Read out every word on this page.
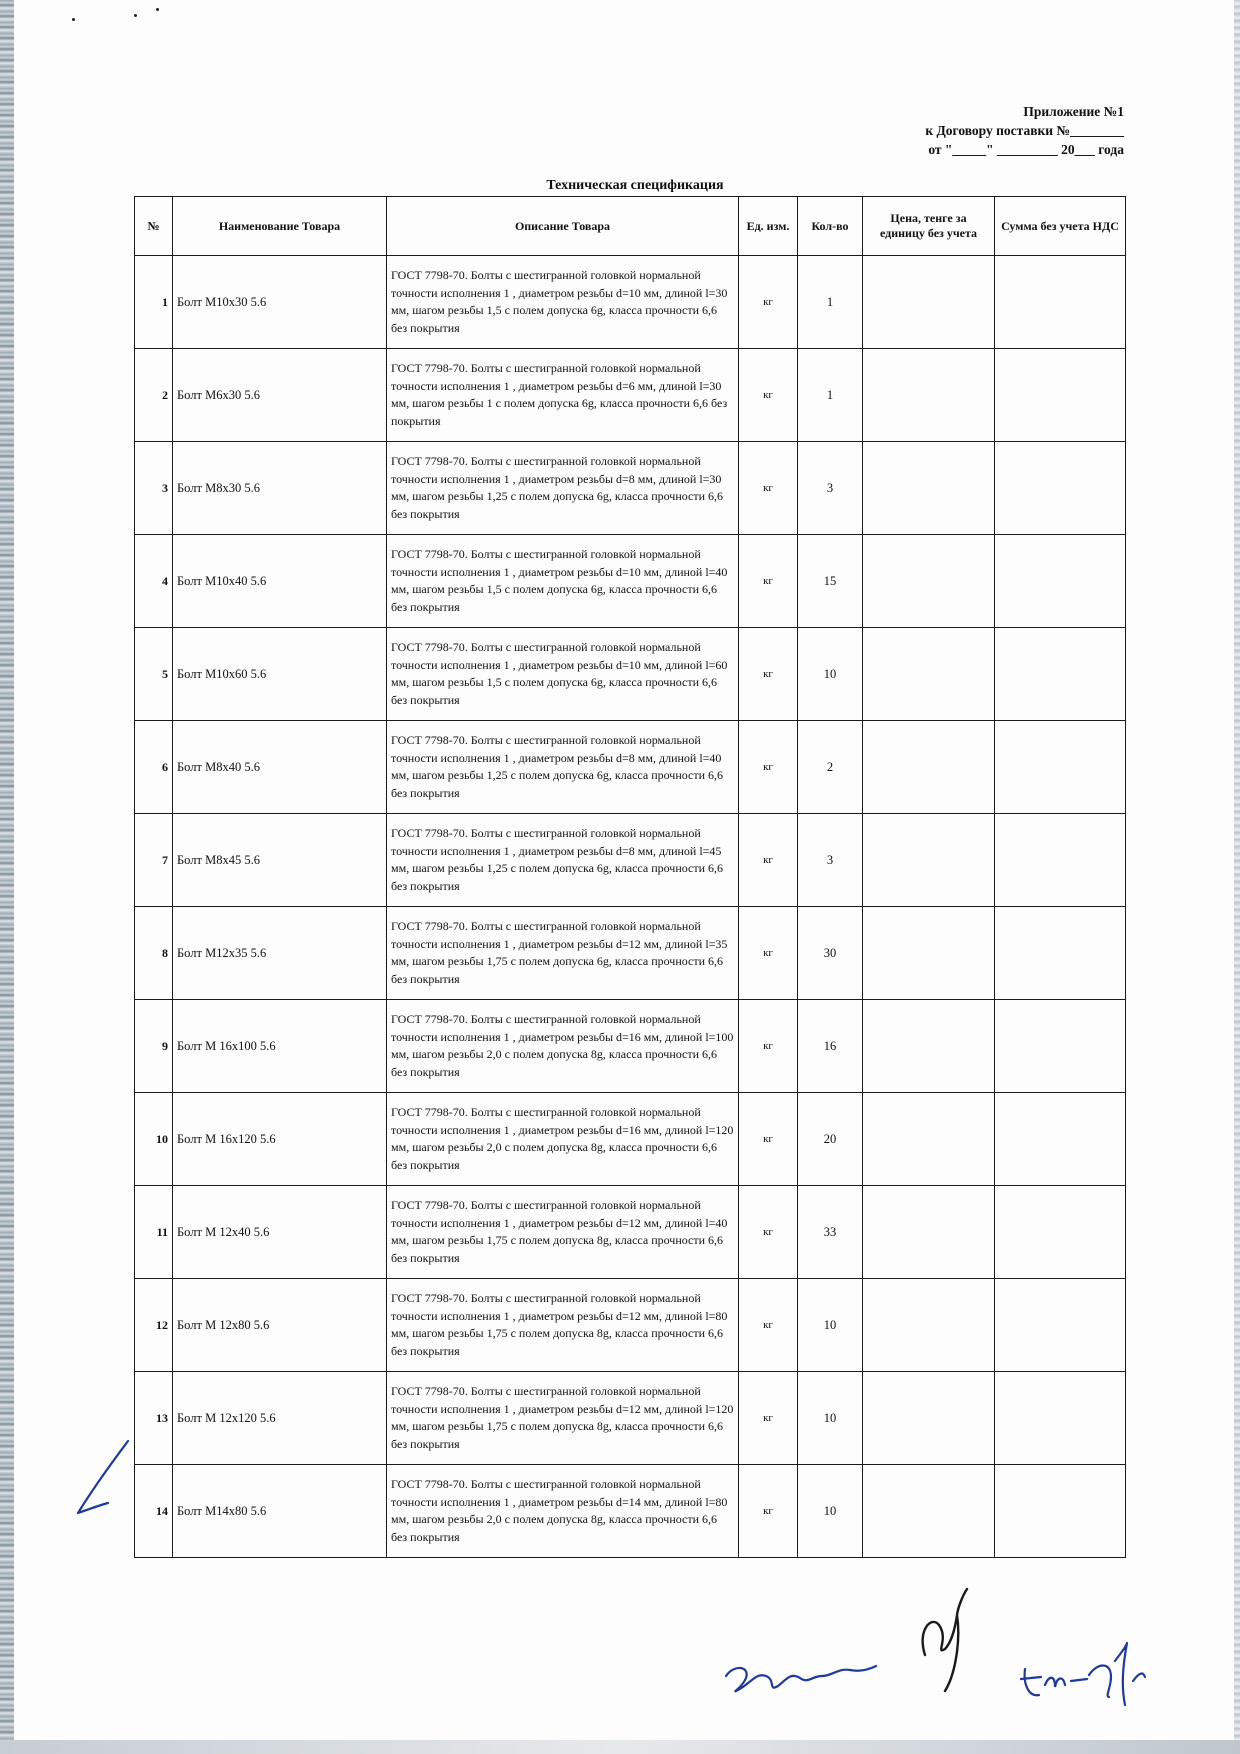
Приложение №1
к Договору поставки №________
от "_____" _________ 20___ года
Техническая спецификация
№	Наименование Товара	Описание Товара	Ед. изм.	Кол-во	Цена, тенге за единицу без учета	Сумма без учета НДС
1	Болт М10х30 5.6	ГОСТ 7798-70. Болты с шестигранной головкой нормальной точности исполнения 1 , диаметром резьбы d=10 мм, длиной l=30 мм, шагом резьбы 1,5 с полем допуска 6g, класса прочности 6,6 без покрытия	кг	1		
2	Болт М6х30 5.6	ГОСТ 7798-70. Болты с шестигранной головкой нормальной точности исполнения 1 , диаметром резьбы d=6 мм, длиной l=30 мм, шагом резьбы 1 с полем допуска 6g, класса прочности 6,6 без покрытия	кг	1		
3	Болт М8х30 5.6	ГОСТ 7798-70. Болты с шестигранной головкой нормальной точности исполнения 1 , диаметром резьбы d=8 мм, длиной l=30 мм, шагом резьбы 1,25 с полем допуска 6g, класса прочности 6,6 без покрытия	кг	3		
4	Болт М10х40 5.6	ГОСТ 7798-70. Болты с шестигранной головкой нормальной точности исполнения 1 , диаметром резьбы d=10 мм, длиной l=40 мм, шагом резьбы 1,5 с полем допуска 6g, класса прочности 6,6 без покрытия	кг	15		
5	Болт М10х60 5.6	ГОСТ 7798-70. Болты с шестигранной головкой нормальной точности исполнения 1 , диаметром резьбы d=10 мм, длиной l=60 мм, шагом резьбы 1,5 с полем допуска 6g, класса прочности 6,6 без покрытия	кг	10		
6	Болт М8х40 5.6	ГОСТ 7798-70. Болты с шестигранной головкой нормальной точности исполнения 1 , диаметром резьбы d=8 мм, длиной l=40 мм, шагом резьбы 1,25 с полем допуска 6g, класса прочности 6,6 без покрытия	кг	2		
7	Болт М8х45 5.6	ГОСТ 7798-70. Болты с шестигранной головкой нормальной точности исполнения 1 , диаметром резьбы d=8 мм, длиной l=45 мм, шагом резьбы 1,25 с полем допуска 6g, класса прочности 6,6 без покрытия	кг	3		
8	Болт М12х35 5.6	ГОСТ 7798-70. Болты с шестигранной головкой нормальной точности исполнения 1 , диаметром резьбы d=12 мм, длиной l=35 мм, шагом резьбы 1,75 с полем допуска 6g, класса прочности 6,6 без покрытия	кг	30		
9	Болт М 16х100 5.6	ГОСТ 7798-70. Болты с шестигранной головкой нормальной точности исполнения 1 , диаметром резьбы d=16 мм, длиной l=100 мм, шагом резьбы 2,0 с полем допуска 8g, класса прочности 6,6 без покрытия	кг	16		
10	Болт М 16х120 5.6	ГОСТ 7798-70. Болты с шестигранной головкой нормальной точности исполнения 1 , диаметром резьбы d=16 мм, длиной l=120 мм, шагом резьбы 2,0 с полем допуска 8g, класса прочности 6,6 без покрытия	кг	20		
11	Болт М 12х40 5.6	ГОСТ 7798-70. Болты с шестигранной головкой нормальной точности исполнения 1 , диаметром резьбы d=12 мм, длиной l=40 мм, шагом резьбы 1,75 с полем допуска 8g, класса прочности 6,6 без покрытия	кг	33		
12	Болт М 12х80 5.6	ГОСТ 7798-70. Болты с шестигранной головкой нормальной точности исполнения 1 , диаметром резьбы d=12 мм, длиной l=80 мм, шагом резьбы 1,75 с полем допуска 8g, класса прочности 6,6 без покрытия	кг	10		
13	Болт М 12х120 5.6	ГОСТ 7798-70. Болты с шестигранной головкой нормальной точности исполнения 1 , диаметром резьбы d=12 мм, длиной l=120 мм, шагом резьбы 1,75 с полем допуска 8g, класса прочности 6,6 без покрытия	кг	10		
14	Болт М14х80 5.6	ГОСТ 7798-70. Болты с шестигранной головкой нормальной точности исполнения 1 , диаметром резьбы d=14 мм, длиной l=80 мм, шагом резьбы 2,0 с полем допуска 8g, класса прочности 6,6 без покрытия	кг	10		
